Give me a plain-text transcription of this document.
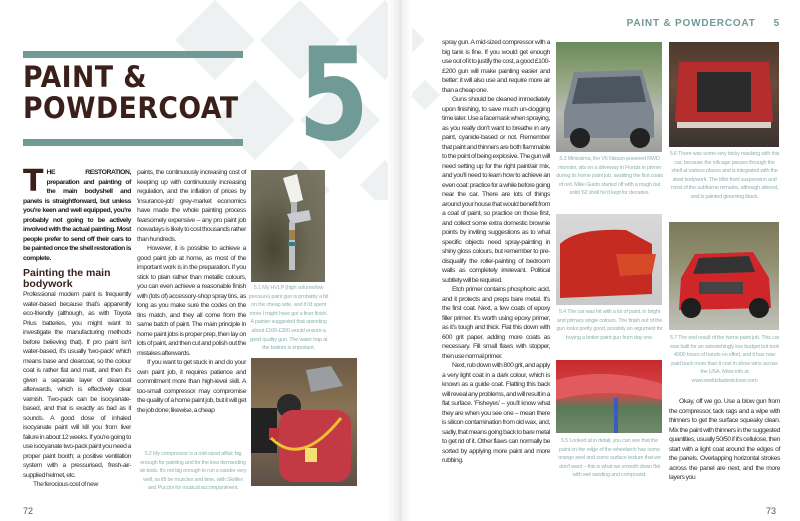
PAINT &
POWDERCOAT 5

THE RESTORATION, preparation and painting of the main bodyshell and panels is straightforward, but unless you're keen and well equipped, you're probably not going to be actively involved with the actual painting. Most people prefer to send off their cars to be painted once the shell restoration is complete.

Painting the main bodywork

Professional modern paint is frequently water-based because that's apparently eco-friendly (although, as with Toyota Prius batteries, you might want to investigate the manufacturing methods before believing that). If pro paint isn't water-based, it's usually 'two-pack' which means base and clearcoat, so the colour coat is rather flat and matt, and then it's given a separate layer of clearcoat afterwards, which is effectively clear varnish. Two-pack can be isocyanate-based, and that is exactly as bad as it sounds. A good dose of inhaled isocyanate paint will kill you from liver failure in about 12 weeks. If you're going to use isocyanate two-pack paint you need a proper paint booth; a positive ventilation system with a pressurised, fresh-air-supplied helmet, etc.

The ferocious cost of new

paints, the continuously increasing cost of keeping up with continuously increasing regulation, and the inflation of prices by 'insurance-job' grey-market economics have made the whole painting process fearsomely expensive – any pro paint job nowadays is likely to cost thousands rather than hundreds.

However, it is possible to achieve a good paint job at home, as most of the important work is in the preparation. If you stick to plain rather than metallic colours, you can even achieve a reasonable finish with (lots of) accessory-shop spray tins, as long as you make sure the codes on the tins match, and they all come from the same batch of paint. The main principle in home paint jobs is proper prep, then lay on lots of paint, and then cut and polish out the mistakes afterwards.

If you want to get stuck in and do your own paint job, it requires patience and commitment more than high-level skill. A too-small compressor may compromise the quality of a home paint job, but it will get the job done; likewise, a cheap

5.2 My compressor is a mid-sized affair; big enough for painting and for the less demanding air tools. It's not big enough to run a sander very well, so it'll be muscles and time, with Skrillex and Puccini for musical accompaniment.
5.1 My HVLP (high volume/low pressure) paint gun is probably a bit on the cheap side, and if I'd spent more I might have got a finer finish. A painter suggested that spending about £100-£200 would ensure a good quality gun. The water trap at the bottom is important.
72
PAINT & POWDERCOAT 5

spray gun. A mid-sized compressor with a big tank is fine. If you would get enough use out of it to justify the cost, a good £100-£200 gun will make painting easier and better: it will also use and require more air than a cheap one.

Guns should be cleaned immediately upon finishing, to save much un-clogging time later. Use a facemask when spraying, as you really don't want to breathe in any paint, cyanide-based or not. Remember that paint and thinners are both flammable to the point of being explosive. The gun will need setting up for the right paint/air mix, and you'll need to learn how to achieve an even coat: practice for a while before going near the car. There are lots of things around your house that would benefit from a coat of paint, so practice on those first, and collect some extra domestic brownie points by inviting suggestions as to what specific objects need spray-painting in shiny gloss colours, but remember to pre-disqualify the roller-painting of bedroom walls as completely irrelevant. Political subtlety will be required.

Etch primer contains phosphoric acid, and it protects and preps bare metal. It's the first coat. Next, a few coats of epoxy filler primer. It's worth using epoxy primer, as it's tough and thick. Flat this down with 600 grit paper, adding more coats as necessary. Fill small flaws with stopper, then use normal primer.

Next, rub down with 800 grit, and apply a very light coat in a dark colour, which is known as a guide coat. Flatting this back will reveal any problems, and will result in a flat surface. 'Fisheyes' – you'll know what they are when you see one – mean there is silicon contamination from old wax, and, sadly, that means going back to bare metal to get rid of it. Other flaws can normally be sorted by applying more paint and more rubbing.

5.3 Minissima, the V6 Nissan-powered RWD monster, sits on a driveway in Florida in primer during its home paint job, awaiting the first coats of red. Mike Guido started off with a rough but solid '62 shell he'd kept for decades.
5.6 There was some very tricky masking with this car, because the rollcage passes through the shell at various places and is integrated with the steel bodywork. The Mini front suspension and most of the subframe remains, although altered, and is painted gleaming black.
5.4 The car was hit with a lot of paint, in bright and primary single colours. The finish out of the gun looks pretty good, possibly an argument for buying a better paint gun from day one.	5.7 The end result of the home paint job. This car was built for an astonishingly low budget but took 4000 hours of hands-on effort, and it has now paid back more than it cost in show wins across the USA. More info at www.worldsfastestclown.com
5.5 Looked at in detail, you can see that the paint on the edge of the wheelarch has some orange peel and some surface texture that we don't want – this is what we smooth down flat with wet sanding and compound.

Okay, off we go. Use a blow gun from the compressor, tack rags and a wipe with thinners to get the surface squeaky clean. Mix the paint with thinners in the suggested quantities, usually 50/50 if it's cellulose, then start with a light coat around the edges of the panels. Overlapping horizontal strokes across the panel are next, and the more layers you

73
